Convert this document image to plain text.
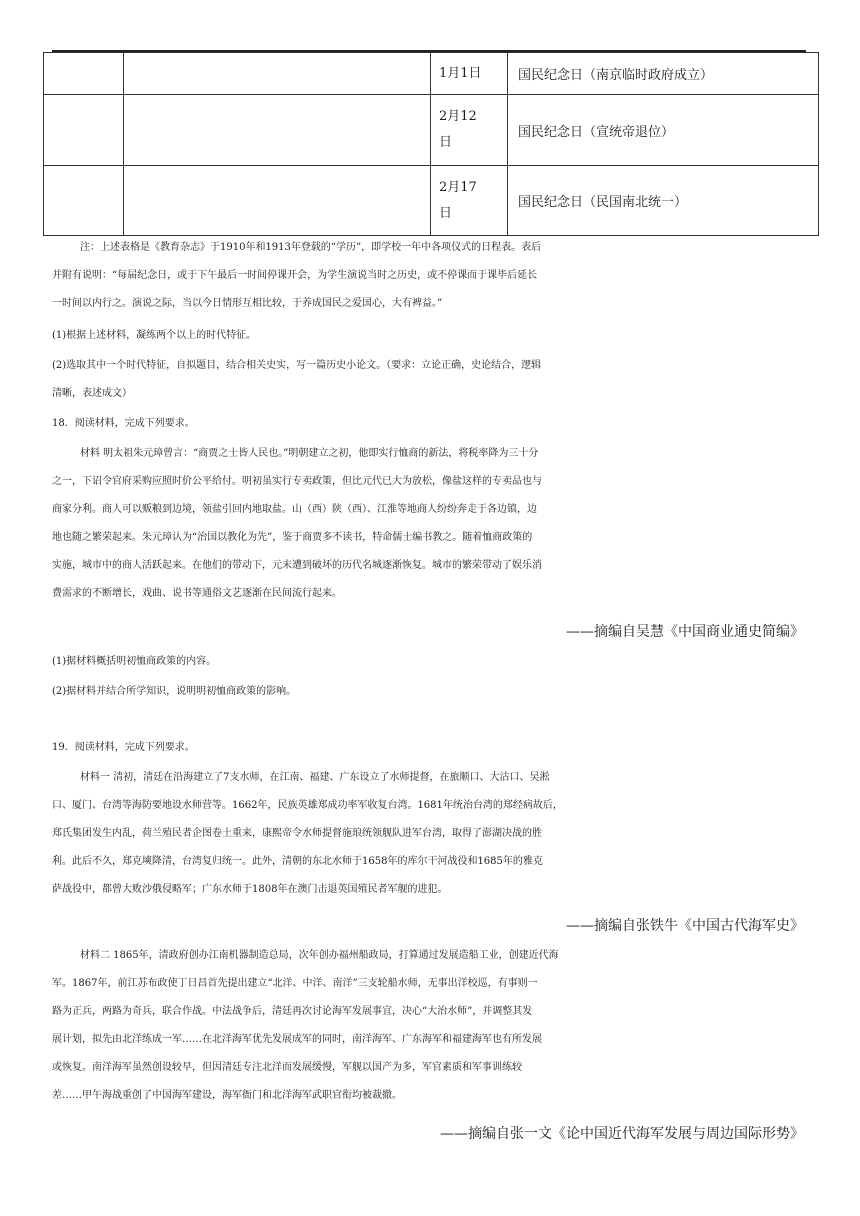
		1月1日	国民纪念日（南京临时政府成立）
		2月12
日	国民纪念日（宣统帝退位）
		2月17
日	国民纪念日（民国南北统一）
注：上述表格是《教育杂志》于1910年和1913年登载的“学历”，即学校一年中各项仪式的日程表。表后
并附有说明：“每届纪念日，或于下午最后一时间停课开会，为学生演说当时之历史，或不停课而于课毕后延长
一时间以内行之。演说之际，当以今日情形互相比较，于养成国民之爱国心，大有裨益。”
(1)根据上述材料，凝练两个以上的时代特征。
(2)选取其中一个时代特征，自拟题目，结合相关史实，写一篇历史小论文。（要求：立论正确，史论结合，逻辑
清晰，表述成文）
18．阅读材料，完成下列要求。
材料 明太祖朱元璋曾言：“商贾之士皆人民也。”明朝建立之初，他即实行恤商的新法，将税率降为三十分
之一，下诏令官府采购应照时价公平给付。明初虽实行专卖政策，但比元代已大为放松，像盐这样的专卖品也与
商家分利。商人可以贩粮到边境，领盐引回内地取盐。山（西）陕（西）、江淮等地商人纷纷奔走于各边镇，边
地也随之繁荣起来。朱元璋认为“治国以教化为先”，鉴于商贾多不读书，特命儒士编书教之。随着恤商政策的
实施，城市中的商人活跃起来。在他们的带动下，元末遭到破坏的历代名城逐渐恢复。城市的繁荣带动了娱乐消
费需求的不断增长，戏曲、说书等通俗文艺逐渐在民间流行起来。
——摘编自吴慧《中国商业通史简编》
(1)据材料概括明初恤商政策的内容。
(2)据材料并结合所学知识，说明明初恤商政策的影响。
19．阅读材料，完成下列要求。
材料一 清初，清廷在沿海建立了7支水师，在江南、福建、广东设立了水师提督，在旅顺口、大沽口、吴淞
口、厦门、台湾等海防要地设水师营等。1662年，民族英雄郑成功率军收复台湾。1681年统治台湾的郑经病故后，
郑氏集团发生内乱，荷兰殖民者企图卷土重来，康熙帝令水师提督施琅统领舰队进军台湾，取得了澎湖决战的胜
利。此后不久，郑克塽降清，台湾复归统一。此外，清朝的东北水师于1658年的库尔干河战役和1685年的雅克
萨战役中，都曾大败沙俄侵略军；广东水师于1808年在澳门击退英国殖民者军舰的进犯。
——摘编自张铁牛《中国古代海军史》
材料二 1865年，清政府创办江南机器制造总局，次年创办福州船政局，打算通过发展造船工业，创建近代海
军。1867年，前江苏布政使丁日昌首先提出建立“北洋、中洋、南洋”三支轮船水师，无事出洋校巡，有事则一
路为正兵，两路为奇兵，联合作战。中法战争后，清廷再次讨论海军发展事宜，决心“大治水师”，并调整其发
展计划，拟先由北洋练成一军……在北洋海军优先发展成军的同时，南洋海军、广东海军和福建海军也有所发展
或恢复。南洋海军虽然创设较早，但因清廷专注北洋而发展缓慢，军舰以国产为多，军官素质和军事训练较
差……甲午海战重创了中国海军建设，海军衙门和北洋海军武职官衔均被裁撤。
——摘编自张一文《论中国近代海军发展与周边国际形势》
